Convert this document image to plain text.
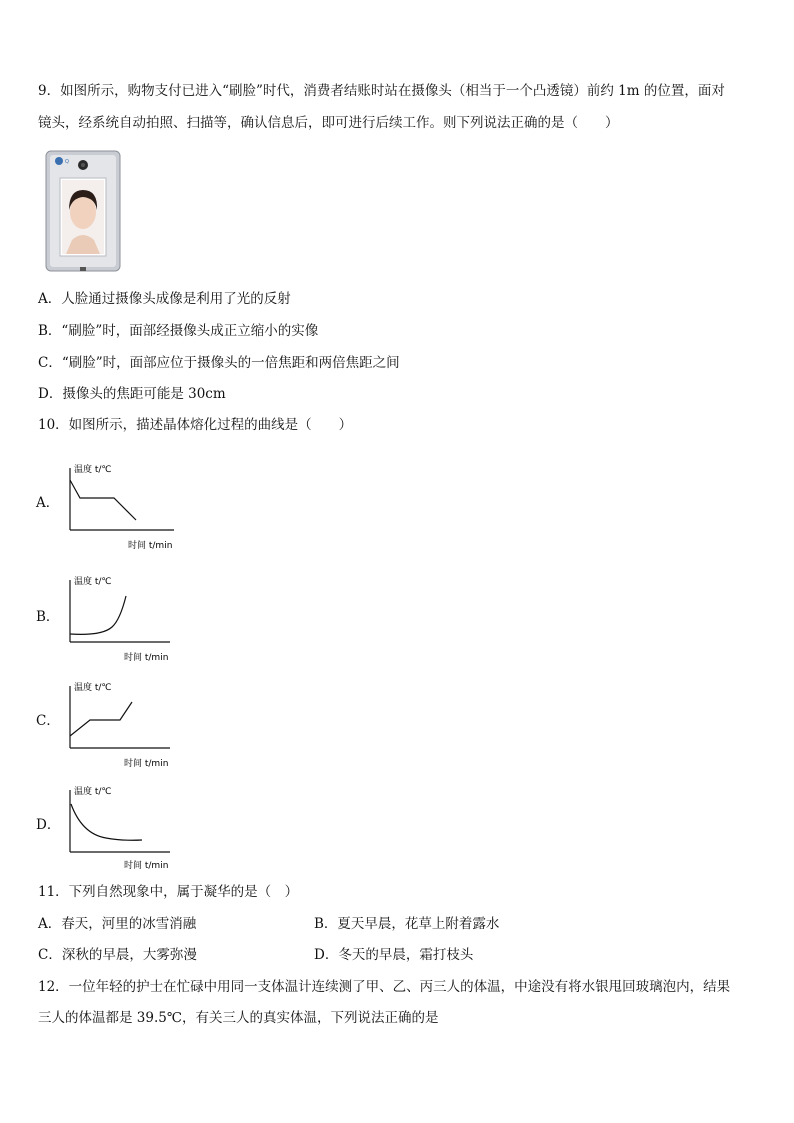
9．如图所示，购物支付已进入“刷脸”时代，消费者结账时站在摄像头（相当于一个凸透镜）前约 1m 的位置，面对
镜头，经系统自动拍照、扫描等，确认信息后，即可进行后续工作。则下列说法正确的是（　　）
Q
A．人脸通过摄像头成像是利用了光的反射
B．“刷脸”时，面部经摄像头成正立缩小的实像
C．“刷脸”时，面部应位于摄像头的一倍焦距和两倍焦距之间
D．摄像头的焦距可能是 30cm
10．如图所示，描述晶体熔化过程的曲线是（　　）
A．
温度 t/℃
时间 t/min
B．
温度 t/℃
时间 t/min
C．
温度 t/℃
时间 t/min
D．
温度 t/℃
时间 t/min
11．下列自然现象中，属于凝华的是（　）
A．春天，河里的冰雪消融	B．夏天早晨，花草上附着露水
C．深秋的早晨，大雾弥漫	D．冬天的早晨，霜打枝头
12．一位年轻的护士在忙碌中用同一支体温计连续测了甲、乙、丙三人的体温，中途没有将水银甩回玻璃泡内，结果
三人的体温都是 39.5℃，有关三人的真实体温，下列说法正确的是
